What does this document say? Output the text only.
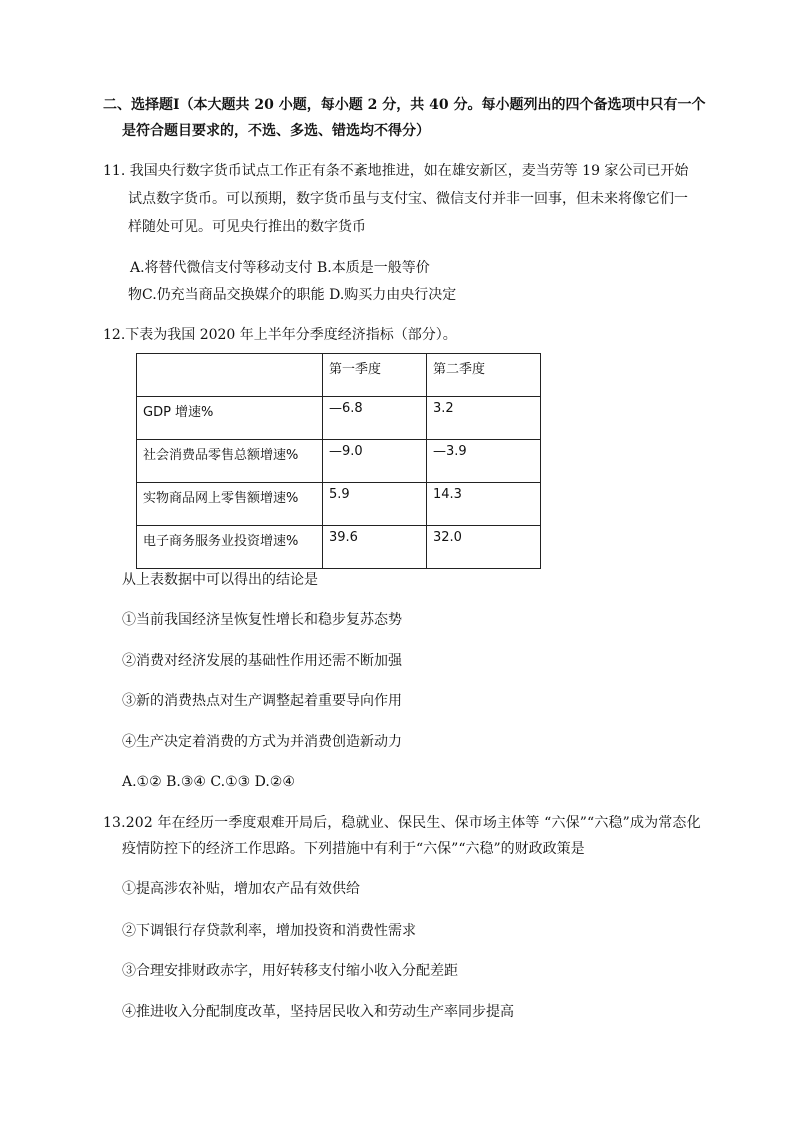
二、选择题Ⅰ（本大题共 20 小题，每小题 2 分，共 40 分。每小题列出的四个备选项中只有一个
是符合题目要求的，不选、多选、错选均不得分）
11. 我国央行数字货币试点工作正有条不紊地推进，如在雄安新区，麦当劳等 19 家公司已开始
试点数字货币。可以预期，数字货币虽与支付宝、微信支付并非一回事，但未来将像它们一
样随处可见。可见央行推出的数字货币
A.将替代微信支付等移动支付 B.本质是一般等价
物C.仍充当商品交换媒介的职能 D.购买力由央行决定
12.下表为我国 2020 年上半年分季度经济指标（部分）。
	第一季度	第二季度
GDP 增速%	—6.8	3.2
社会消费品零售总额增速%	—9.0	—3.9
实物商品网上零售额增速%	5.9	14.3
电子商务服务业投资增速%	39.6	32.0
从上表数据中可以得出的结论是
①当前我国经济呈恢复性增长和稳步复苏态势
②消费对经济发展的基础性作用还需不断加强
③新的消费热点对生产调整起着重要导向作用
④生产决定着消费的方式为并消费创造新动力
A.①② B.③④ C.①③ D.②④
13.202 年在经历一季度艰难开局后，稳就业、保民生、保市场主体等 “六保”“六稳”成为常态化
疫情防控下的经济工作思路。下列措施中有利于“六保”“六稳”的财政政策是
①提高涉农补贴，增加农产品有效供给
②下调银行存贷款利率，增加投资和消费性需求
③合理安排财政赤字，用好转移支付缩小收入分配差距
④推进收入分配制度改革，坚持居民收入和劳动生产率同步提高
